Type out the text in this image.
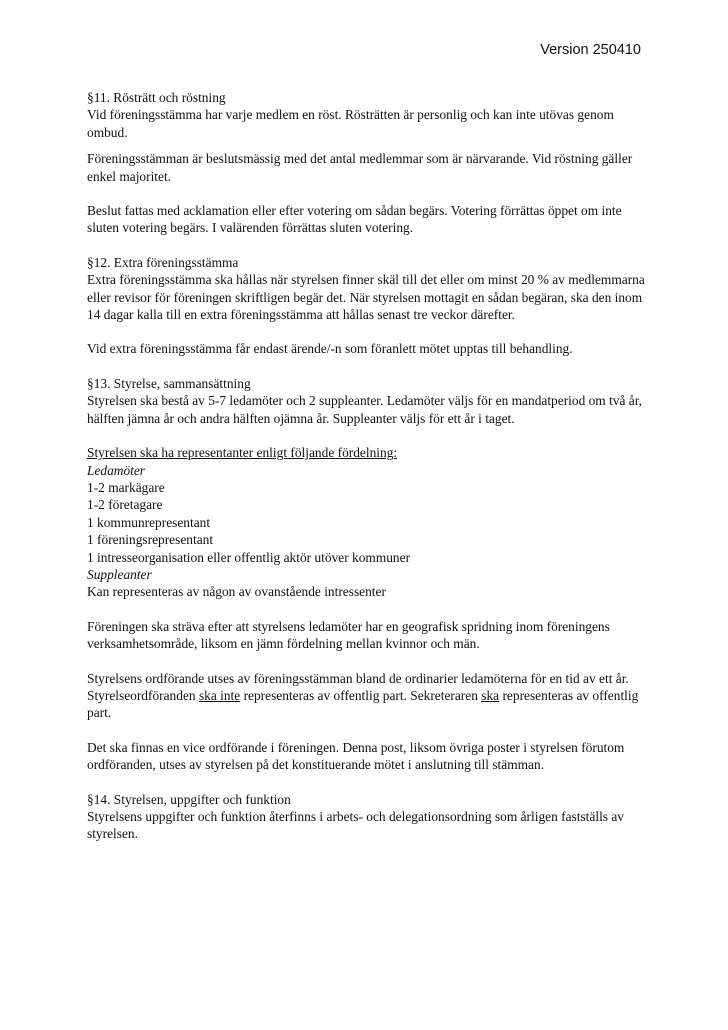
Version 250410

§11. Rösträtt och röstning

Vid föreningsstämma har varje medlem en röst. Rösträtten är personlig och kan inte utövas genom ombud.

Föreningsstämman är beslutsmässig med det antal medlemmar som är närvarande. Vid röstning gäller enkel majoritet.

Beslut fattas med acklamation eller efter votering om sådan begärs. Votering förrättas öppet om inte sluten votering begärs. I valärenden förrättas sluten votering.

§12. Extra föreningsstämma

Extra föreningsstämma ska hållas när styrelsen finner skäl till det eller om minst 20 % av medlemmarna eller revisor för föreningen skriftligen begär det. När styrelsen mottagit en sådan begäran, ska den inom 14 dagar kalla till en extra föreningsstämma att hållas senast tre veckor därefter.

Vid extra föreningsstämma får endast ärende/-n som föranlett mötet upptas till behandling.

§13. Styrelse, sammansättning

Styrelsen ska bestå av 5-7 ledamöter och 2 suppleanter. Ledamöter väljs för en mandatperiod om två år, hälften jämna år och andra hälften ojämna år. Suppleanter väljs för ett år i taget.

Styrelsen ska ha representanter enligt följande fördelning:

Ledamöter

1-2 markägare

1-2 företagare

1 kommunrepresentant

1 föreningsrepresentant

1 intresseorganisation eller offentlig aktör utöver kommuner

Suppleanter

Kan representeras av någon av ovanstående intressenter

Föreningen ska sträva efter att styrelsens ledamöter har en geografisk spridning inom föreningens verksamhetsområde, liksom en jämn fördelning mellan kvinnor och män.

Styrelsens ordförande utses av föreningsstämman bland de ordinarier ledamöterna för en tid av ett år. Styrelseordföranden ska inte representeras av offentlig part. Sekreteraren ska representeras av offentlig part.

Det ska finnas en vice ordförande i föreningen. Denna post, liksom övriga poster i styrelsen förutom ordföranden, utses av styrelsen på det konstituerande mötet i anslutning till stämman.

§14. Styrelsen, uppgifter och funktion

Styrelsens uppgifter och funktion återfinns i arbets- och delegationsordning som årligen fastställs av styrelsen.
